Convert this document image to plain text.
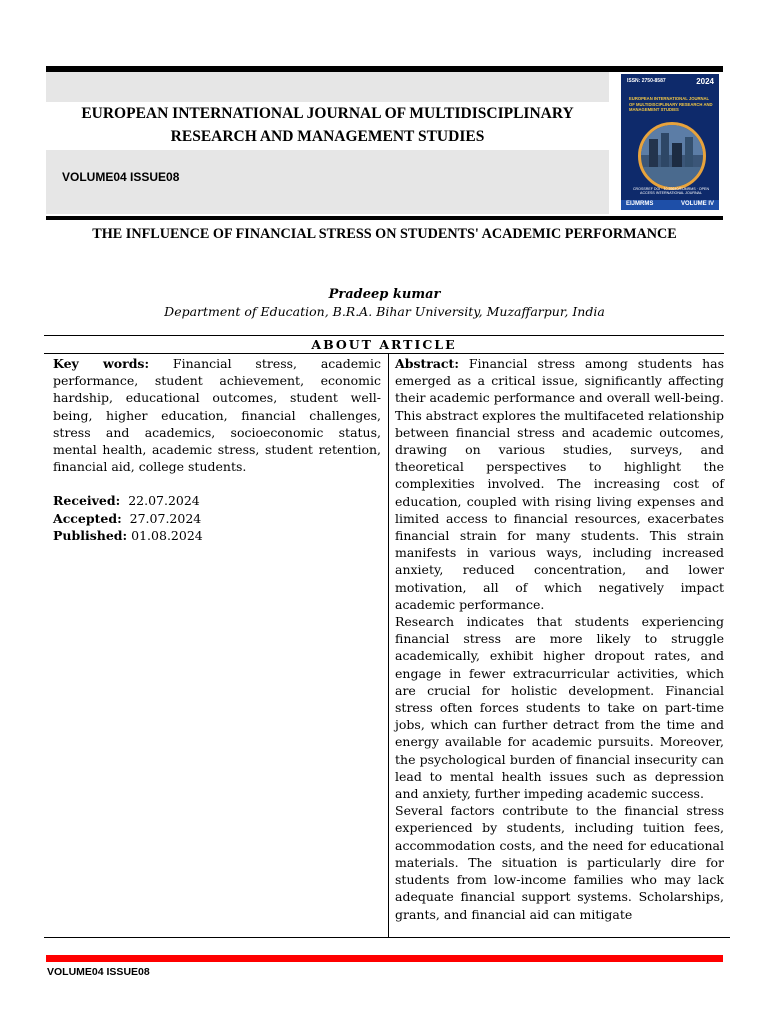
EUROPEAN INTERNATIONAL JOURNAL OF MULTIDISCIPLINARY
RESEARCH AND MANAGEMENT STUDIES
VOLUME04 ISSUE08
ISSN: 2750-8587	2024
EUROPEAN INTERNATIONAL JOURNAL OF MULTIDISCIPLINARY RESEARCH AND MANAGEMENT STUDIES
CROSSREF DOI · 10.55640/EIJMRMS · OPEN ACCESS INTERNATIONAL JOURNAL
EIJMRMS	VOLUME IV
THE INFLUENCE OF FINANCIAL STRESS ON STUDENTS' ACADEMIC PERFORMANCE
Pradeep kumar
Department of Education, B.R.A. Bihar University, Muzaffarpur, India
ABOUT ARTICLE
Key words: Financial stress, academic performance, student achievement, economic hardship, educational outcomes, student well-being, higher education, financial challenges, stress and academics, socioeconomic status, mental health, academic stress, student retention, financial aid, college students.
Received: 22.07.2024
Accepted: 27.07.2024
Published: 01.08.2024

Abstract: Financial stress among students has emerged as a critical issue, significantly affecting their academic performance and overall well-being. This abstract explores the multifaceted relationship between financial stress and academic outcomes, drawing on various studies, surveys, and theoretical perspectives to highlight the complexities involved. The increasing cost of education, coupled with rising living expenses and limited access to financial resources, exacerbates financial strain for many students. This strain manifests in various ways, including increased anxiety, reduced concentration, and lower motivation, all of which negatively impact academic performance.

Research indicates that students experiencing financial stress are more likely to struggle academically, exhibit higher dropout rates, and engage in fewer extracurricular activities, which are crucial for holistic development. Financial stress often forces students to take on part-time jobs, which can further detract from the time and energy available for academic pursuits. Moreover, the psychological burden of financial insecurity can lead to mental health issues such as depression and anxiety, further impeding academic success.

Several factors contribute to the financial stress experienced by students, including tuition fees, accommodation costs, and the need for educational materials. The situation is particularly dire for students from low-income families who may lack adequate financial support systems. Scholarships, grants, and financial aid can mitigate

VOLUME04 ISSUE08
